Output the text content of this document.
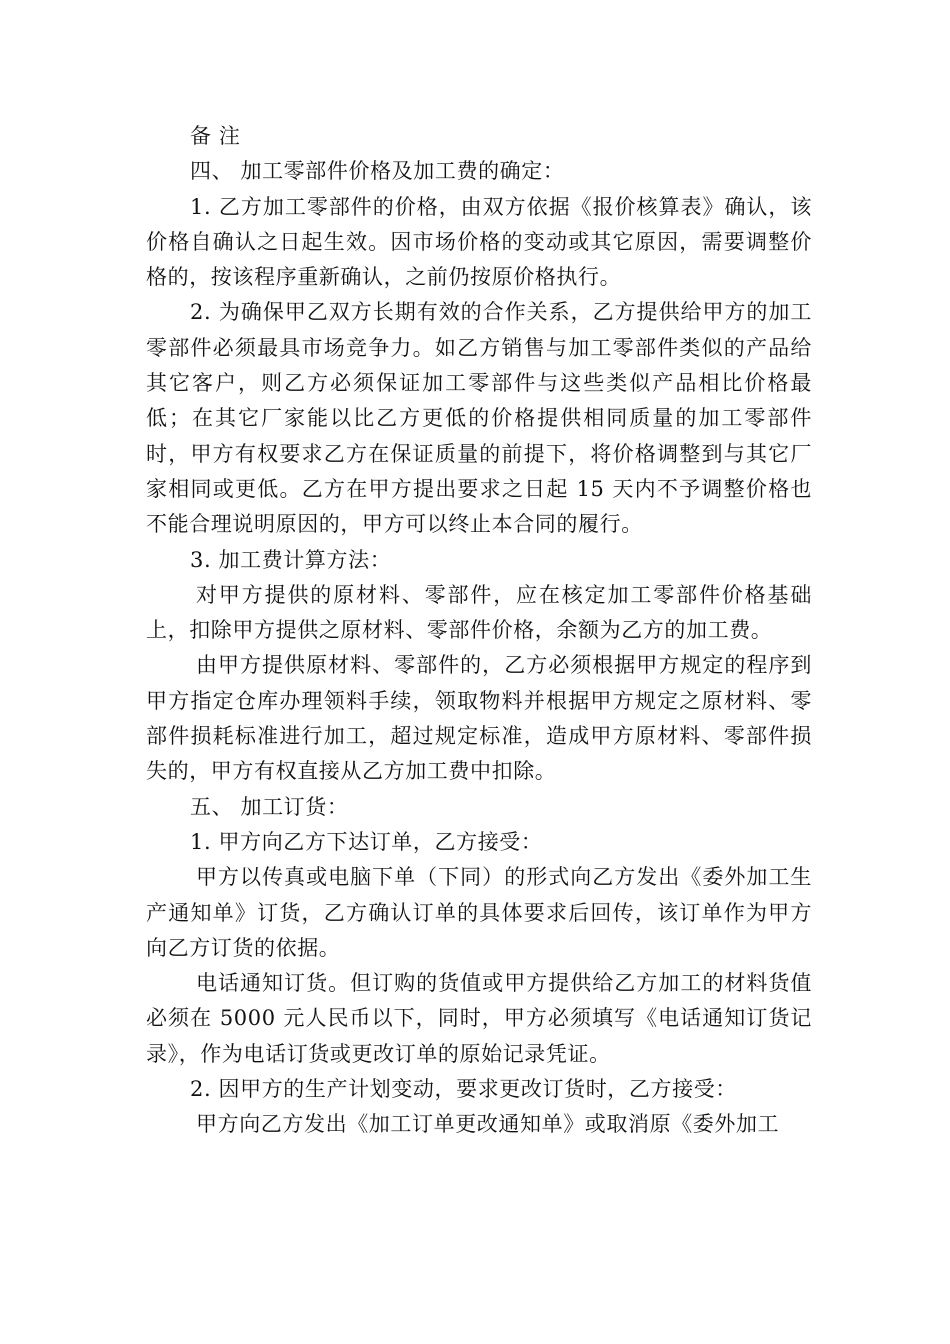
备 注

四、 加工零部件价格及加工费的确定：

1. 乙方加工零部件的价格，由双方依据《报价核算表》确认，该价格自确认之日起生效。因市场价格的变动或其它原因，需要调整价格的，按该程序重新确认，之前仍按原价格执行。

2. 为确保甲乙双方长期有效的合作关系，乙方提供给甲方的加工零部件必须最具市场竞争力。如乙方销售与加工零部件类似的产品给其它客户，则乙方必须保证加工零部件与这些类似产品相比价格最低；在其它厂家能以比乙方更低的价格提供相同质量的加工零部件时，甲方有权要求乙方在保证质量的前提下，将价格调整到与其它厂家相同或更低。乙方在甲方提出要求之日起 15 天内不予调整价格也不能合理说明原因的，甲方可以终止本合同的履行。

3. 加工费计算方法：

对甲方提供的原材料、零部件，应在核定加工零部件价格基础上，扣除甲方提供之原材料、零部件价格，余额为乙方的加工费。

由甲方提供原材料、零部件的，乙方必须根据甲方规定的程序到甲方指定仓库办理领料手续，领取物料并根据甲方规定之原材料、零部件损耗标准进行加工，超过规定标准，造成甲方原材料、零部件损失的，甲方有权直接从乙方加工费中扣除。

五、 加工订货：

1. 甲方向乙方下达订单，乙方接受：

甲方以传真或电脑下单（下同）的形式向乙方发出《委外加工生产通知单》订货，乙方确认订单的具体要求后回传，该订单作为甲方向乙方订货的依据。

电话通知订货。但订购的货值或甲方提供给乙方加工的材料货值必须在 5000 元人民币以下，同时，甲方必须填写《电话通知订货记录》，作为电话订货或更改订单的原始记录凭证。

2. 因甲方的生产计划变动，要求更改订货时，乙方接受：

甲方向乙方发出《加工订单更改通知单》或取消原《委外加工
